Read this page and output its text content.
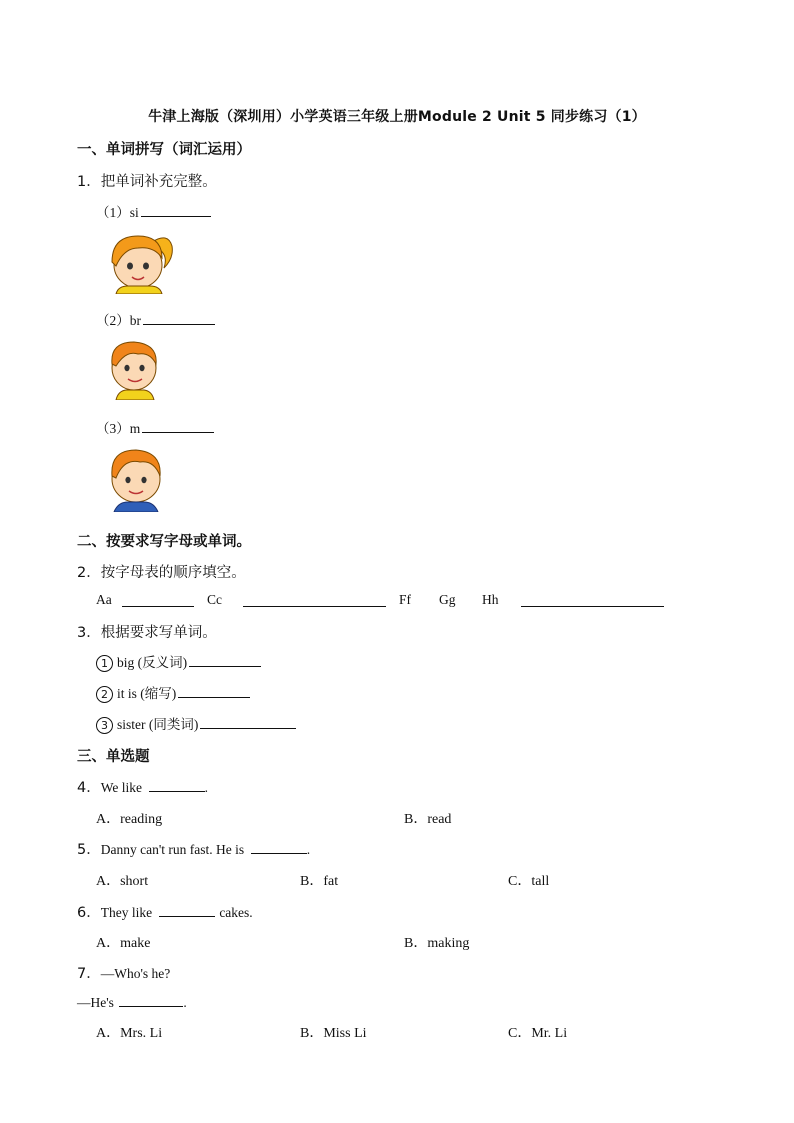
牛津上海版（深圳用）小学英语三年级上册Module 2 Unit 5 同步练习（1）
一、单词拼写（词汇运用）
1．把单词补充完整。
（1）si
（2）br
（3）m
二、按要求写字母或单词。
2．按字母表的顺序填空。
Aa	Cc	Ff Gg Hh
3．根据要求写单词。
1 big (反义词)
2 it is (缩写)
3 sister (同类词)
三、单选题
4．We like	.
A．reading	B．read
5．Danny can't run fast. He is	.
A．short	B．fat	C．tall
6．They like	cakes.
A．make	B．making
7．—Who's he?
—He's	.
A．Mrs. Li	B．Miss Li	C．Mr. Li
